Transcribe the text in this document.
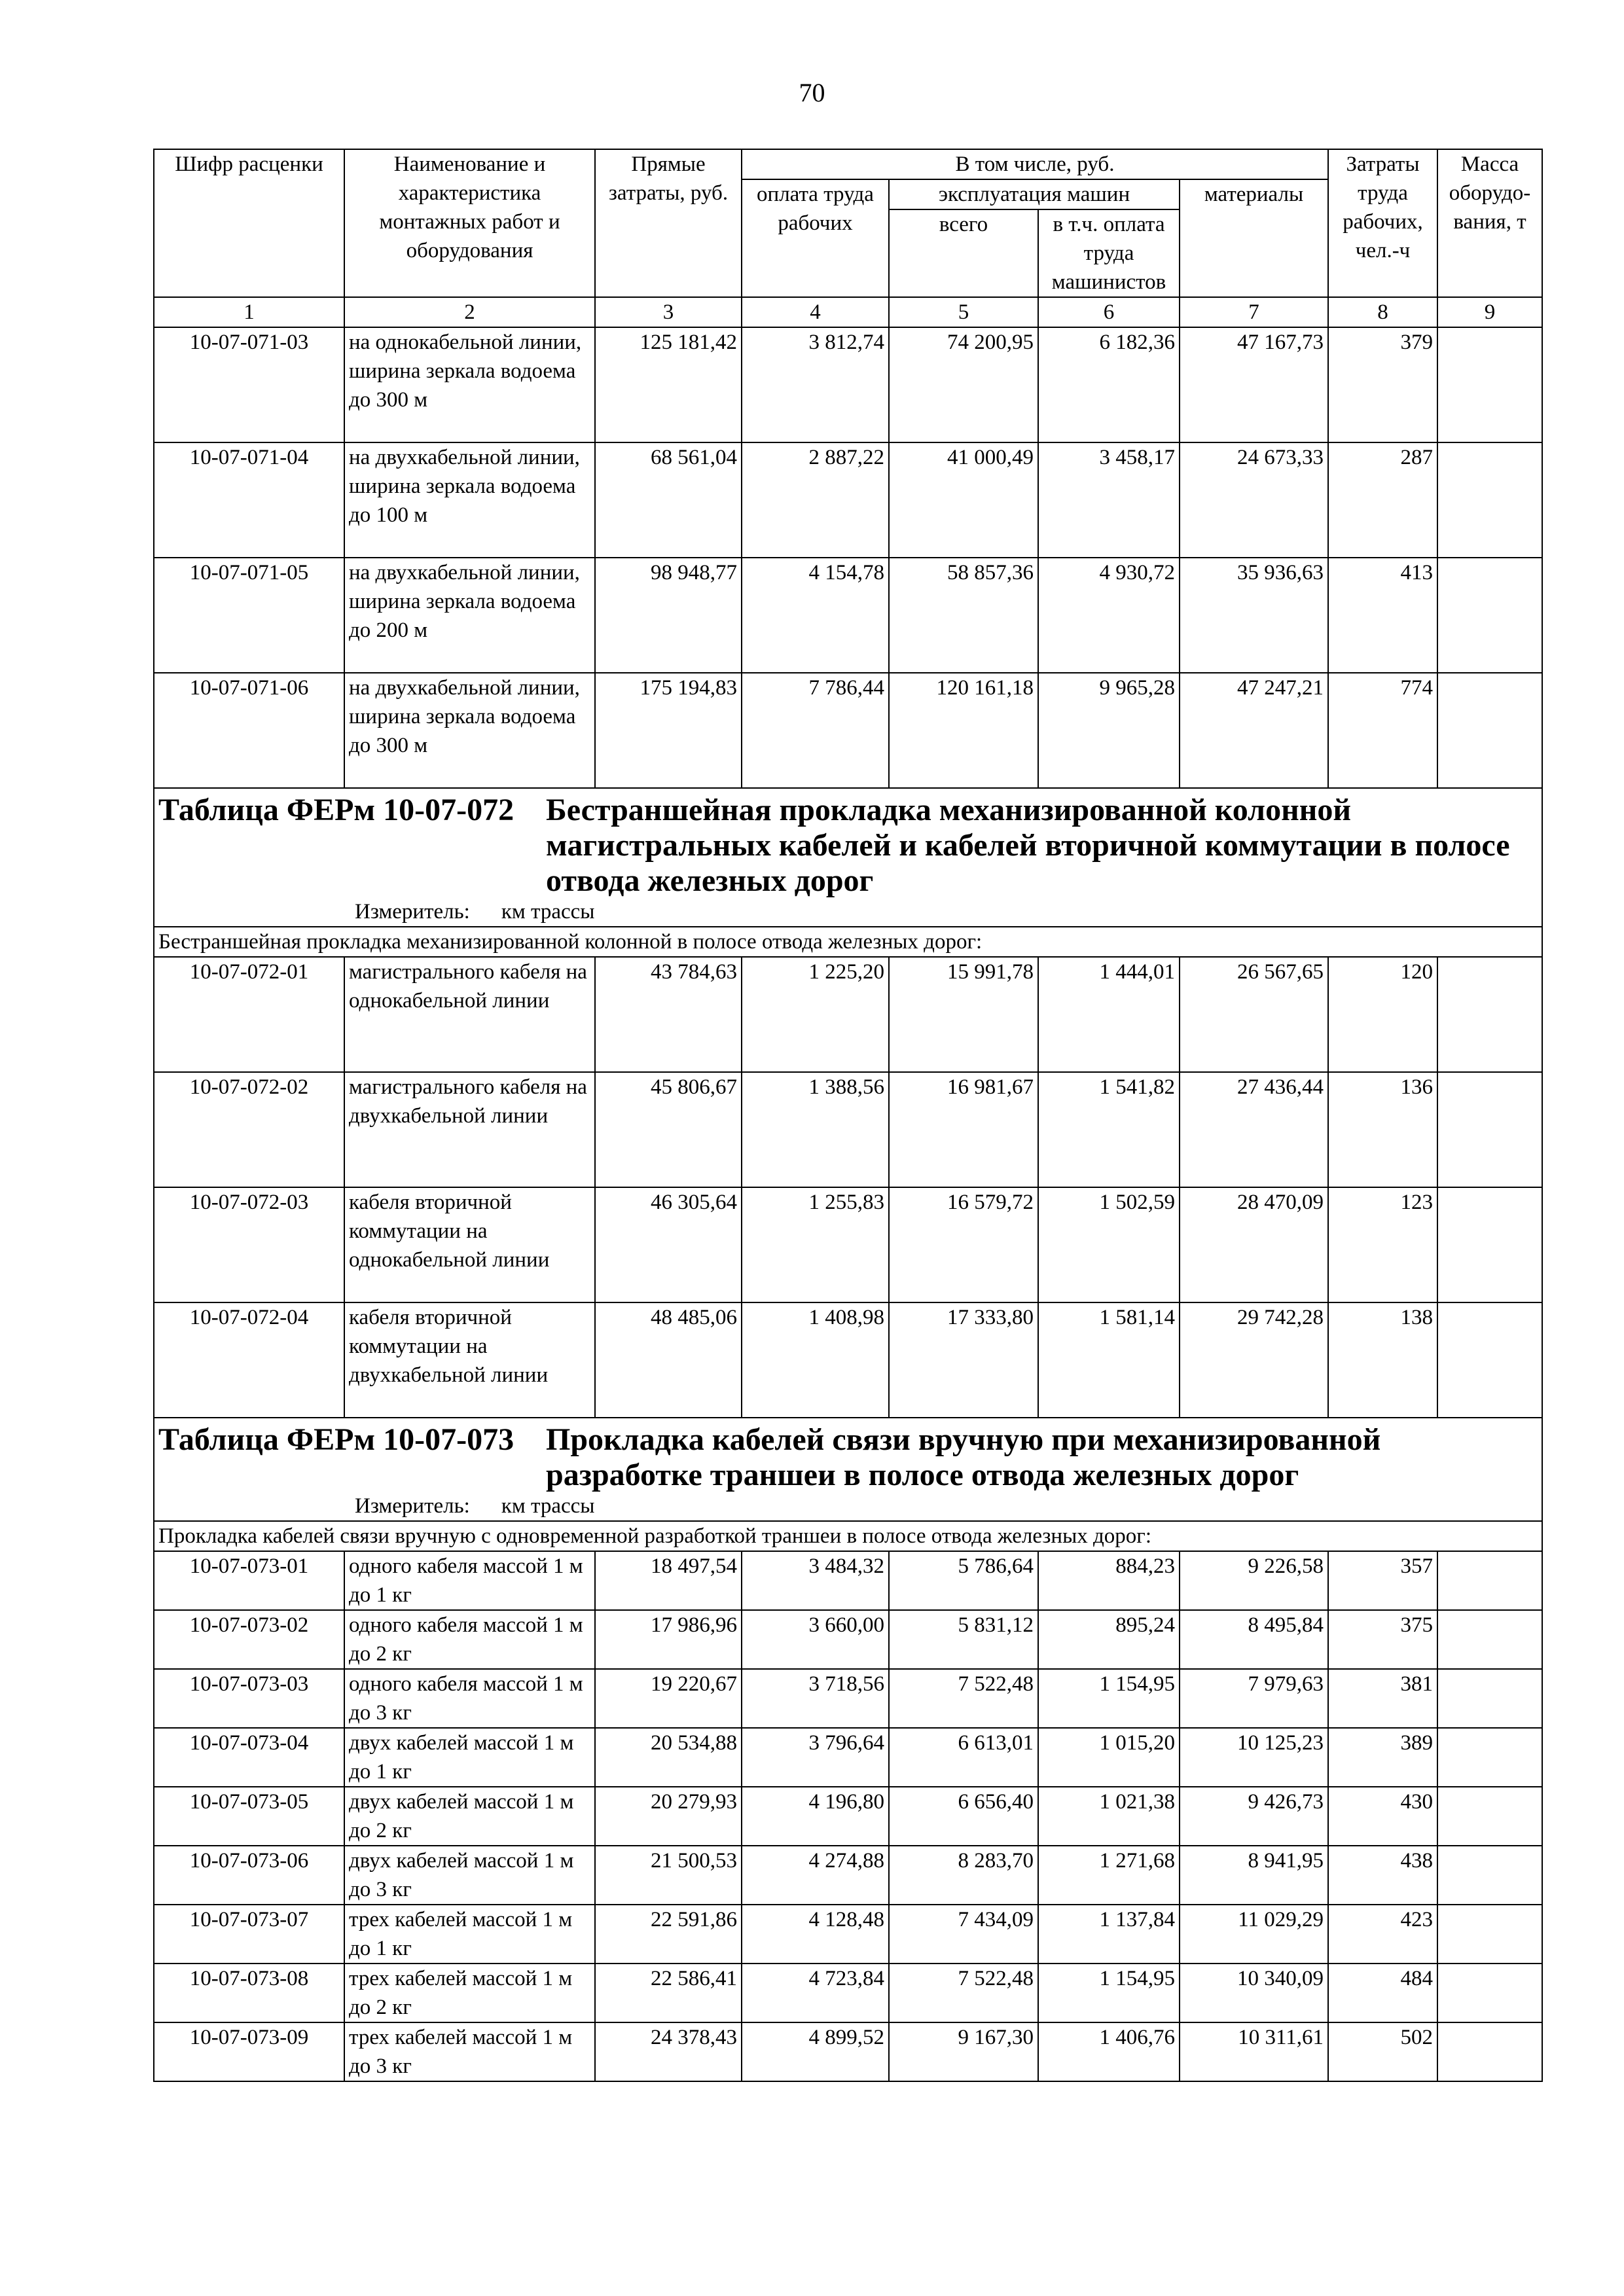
70
Шифр расценки	Наименование и характеристика монтажных работ и оборудования	Прямые затраты, руб.	В том числе, руб.				Затраты труда рабочих, чел.-ч	Масса оборудо-вания, т
			оплата труда рабочих	эксплуатация машин		материалы		
				всего	в т.ч. оплата труда машинистов			
1	2	3	4	5	6	7	8	9
10-07-071-03	на однокабельной линии, ширина зеркала водоема до 300 м	125 181,42	3 812,74	74 200,95	6 182,36	47 167,73	379	
10-07-071-04	на двухкабельной линии, ширина зеркала водоема до 100 м	68 561,04	2 887,22	41 000,49	3 458,17	24 673,33	287	
10-07-071-05	на двухкабельной линии, ширина зеркала водоема до 200 м	98 948,77	4 154,78	58 857,36	4 930,72	35 936,63	413	
10-07-071-06	на двухкабельной линии, ширина зеркала водоема до 300 м	175 194,83	7 786,44	120 161,18	9 965,28	47 247,21	774	

Таблица ФЕРм 10-07-072 Бестраншейная прокладка механизированной колонной магистральных кабелей и кабелей вторичной коммутации в полосе отвода железных дорог
Измеритель: км трассы								

Бестраншейная прокладка механизированной колонной в полосе отвода железных дорог:								
10-07-072-01	магистрального кабеля на однокабельной линии	43 784,63	1 225,20	15 991,78	1 444,01	26 567,65	120	
10-07-072-02	магистрального кабеля на двухкабельной линии	45 806,67	1 388,56	16 981,67	1 541,82	27 436,44	136	
10-07-072-03	кабеля вторичной коммутации на однокабельной линии	46 305,64	1 255,83	16 579,72	1 502,59	28 470,09	123	
10-07-072-04	кабеля вторичной коммутации на двухкабельной линии	48 485,06	1 408,98	17 333,80	1 581,14	29 742,28	138	

Таблица ФЕРм 10-07-073 Прокладка кабелей связи вручную при механизированной разработке траншеи в полосе отвода железных дорог
Измеритель: км трассы								

Прокладка кабелей связи вручную с одновременной разработкой траншеи в полосе отвода железных дорог:								
10-07-073-01	одного кабеля массой 1 м до 1 кг	18 497,54	3 484,32	5 786,64	884,23	9 226,58	357	
10-07-073-02	одного кабеля массой 1 м до 2 кг	17 986,96	3 660,00	5 831,12	895,24	8 495,84	375	
10-07-073-03	одного кабеля массой 1 м до 3 кг	19 220,67	3 718,56	7 522,48	1 154,95	7 979,63	381	
10-07-073-04	двух кабелей массой 1 м до 1 кг	20 534,88	3 796,64	6 613,01	1 015,20	10 125,23	389	
10-07-073-05	двух кабелей массой 1 м до 2 кг	20 279,93	4 196,80	6 656,40	1 021,38	9 426,73	430	
10-07-073-06	двух кабелей массой 1 м до 3 кг	21 500,53	4 274,88	8 283,70	1 271,68	8 941,95	438	
10-07-073-07	трех кабелей массой 1 м до 1 кг	22 591,86	4 128,48	7 434,09	1 137,84	11 029,29	423	
10-07-073-08	трех кабелей массой 1 м до 2 кг	22 586,41	4 723,84	7 522,48	1 154,95	10 340,09	484	
10-07-073-09	трех кабелей массой 1 м до 3 кг	24 378,43	4 899,52	9 167,30	1 406,76	10 311,61	502	
